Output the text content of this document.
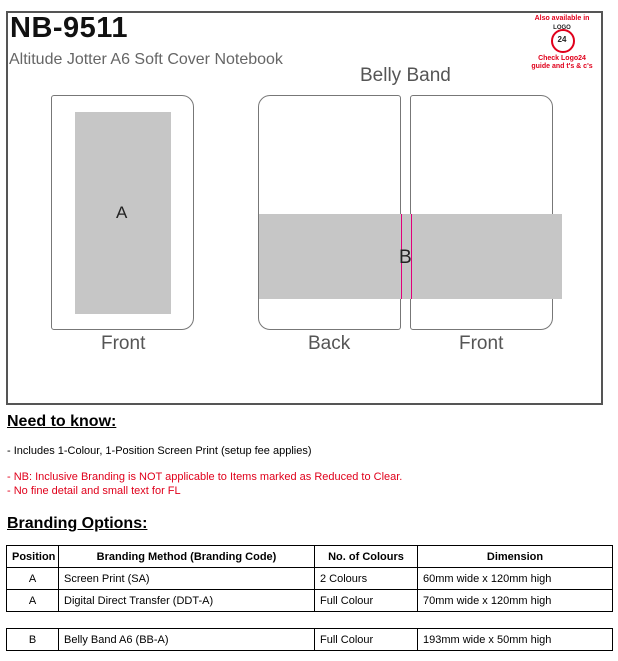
NB-9511
Altitude Jotter A6 Soft Cover Notebook
Also available in
LOGO
24
Check Logo24
guide and t's & c's
Belly Band
A
B
Front	Back	Front
Need to know:
- Includes 1-Colour, 1-Position Screen Print (setup fee applies)
- NB: Inclusive Branding is NOT applicable to Items marked as Reduced to Clear.
- No fine detail and small text for FL
Branding Options:
Position	Branding Method (Branding Code)	No. of Colours	Dimension
A	Screen Print (SA)	2 Colours	60mm wide x 120mm high
A	Digital Direct Transfer (DDT-A)	Full Colour	70mm wide x 120mm high
B	Belly Band A6 (BB-A)	Full Colour	193mm wide x 50mm high
